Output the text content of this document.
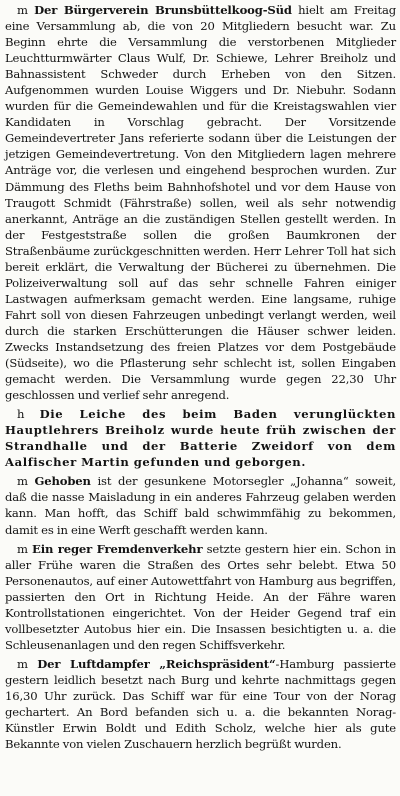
m Der Bürgerverein Brunsbüttelkoog-Süd hielt am Freitag eine Versammlung ab, die von 20 Mitgliedern besucht war. Zu Beginn ehrte die Versammlung die verstorbenen Mitglieder Leuchtturmwärter Claus Wulf, Dr. Schiewe, Lehrer Breiholz und Bahnassistent Schweder durch Erheben von den Sitzen. Aufgenommen wurden Louise Wiggers und Dr. Niebuhr. Sodann wurden für die Gemeindewahlen und für die Kreistagswahlen vier Kandidaten in Vorschlag gebracht. Der Vorsitzende Gemeindevertreter Jans referierte sodann über die Leistungen der jetzigen Gemeindevertretung. Von den Mitgliedern lagen mehrere Anträge vor, die verlesen und eingehend besprochen wurden. Zur Dämmung des Fleths beim Bahnhofshotel und vor dem Hause von Traugott Schmidt (Fährstraße) sollen, weil als sehr notwendig anerkannt, Anträge an die zuständigen Stellen gestellt werden. In der Festgeststraße sollen die großen Baumkronen der Straßenbäume zurückgeschnitten werden. Herr Lehrer Toll hat sich bereit erklärt, die Verwaltung der Bücherei zu übernehmen. Die Polizeiverwaltung soll auf das sehr schnelle Fahren einiger Lastwagen aufmerksam gemacht werden. Eine langsame, ruhige Fahrt soll von diesen Fahrzeugen unbedingt verlangt werden, weil durch die starken Erschütterungen die Häuser schwer leiden. Zwecks Instandsetzung des freien Platzes vor dem Postgebäude (Südseite), wo die Pflasterung sehr schlecht ist, sollen Eingaben gemacht werden. Die Versammlung wurde gegen 22,30 Uhr geschlossen und verlief sehr anregend.

h Die Leiche des beim Baden verunglückten Hauptlehrers Breiholz wurde heute früh zwischen der Strandhalle und der Batterie Zweidorf von dem Aalfischer Martin gefunden und geborgen.

m Gehoben ist der gesunkene Motorsegler „Johanna“ soweit, daß die nasse Maisladung in ein anderes Fahrzeug gelaben werden kann. Man hofft, das Schiff bald schwimmfähig zu bekommen, damit es in eine Werft geschafft werden kann.

m Ein reger Fremdenverkehr setzte gestern hier ein. Schon in aller Frühe waren die Straßen des Ortes sehr belebt. Etwa 50 Personenautos, auf einer Autowettfahrt von Hamburg aus begriffen, passierten den Ort in Richtung Heide. An der Fähre waren Kontrollstationen eingerichtet. Von der Heider Gegend traf ein vollbesetzter Autobus hier ein. Die Insassen besichtigten u. a. die Schleusenanlagen und den regen Schiffsverkehr.

m Der Luftdampfer „Reichspräsident“-Hamburg passierte gestern leidlich besetzt nach Burg und kehrte nachmittags gegen 16,30 Uhr zurück. Das Schiff war für eine Tour von der Norag gechartert. An Bord befanden sich u. a. die bekannten Norag-Künstler Erwin Boldt und Edith Scholz, welche hier als gute Bekannte von vielen Zuschauern herzlich begrüßt wurden.
